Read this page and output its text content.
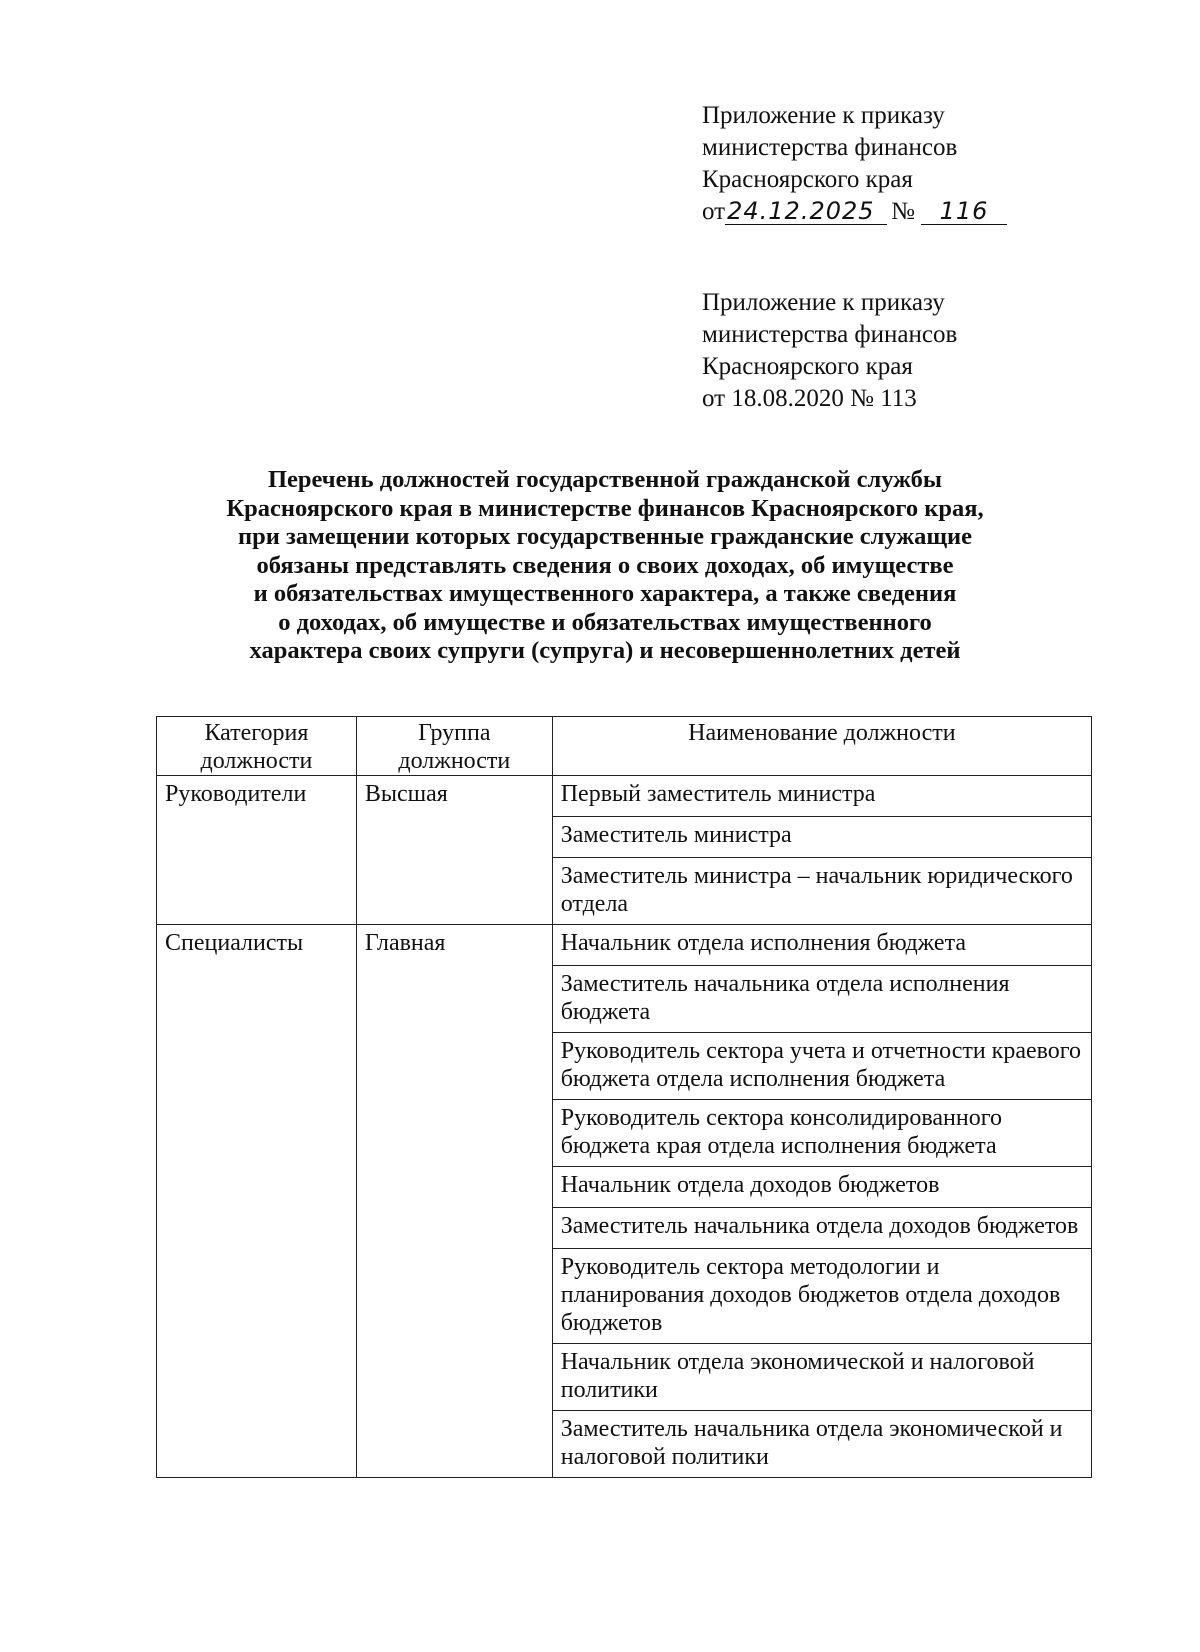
Приложение к приказу
министерства финансов
Красноярского края
от24.12.2025 № 116
Приложение к приказу
министерства финансов
Красноярского края
от 18.08.2020 № 113
Перечень должностей государственной гражданской службы
Красноярского края в министерстве финансов Красноярского края,
при замещении которых государственные гражданские служащие
обязаны представлять сведения о своих доходах, об имуществе
и обязательствах имущественного характера, а также сведения
о доходах, об имуществе и обязательствах имущественного
характера своих супруги (супруга) и несовершеннолетних детей
Категория должности	Группа должности	Наименование должности
Руководители	Высшая	Первый заместитель министра
		Заместитель министра
		Заместитель министра – начальник юридического отдела
Специалисты	Главная	Начальник отдела исполнения бюджета
		Заместитель начальника отдела исполнения бюджета
		Руководитель сектора учета и отчетности краевого бюджета отдела исполнения бюджета
		Руководитель сектора консолидированного бюджета края отдела исполнения бюджета
		Начальник отдела доходов бюджетов
		Заместитель начальника отдела доходов бюджетов
		Руководитель сектора методологии и планирования доходов бюджетов отдела доходов бюджетов
		Начальник отдела экономической и налоговой политики
		Заместитель начальника отдела экономической и налоговой политики
